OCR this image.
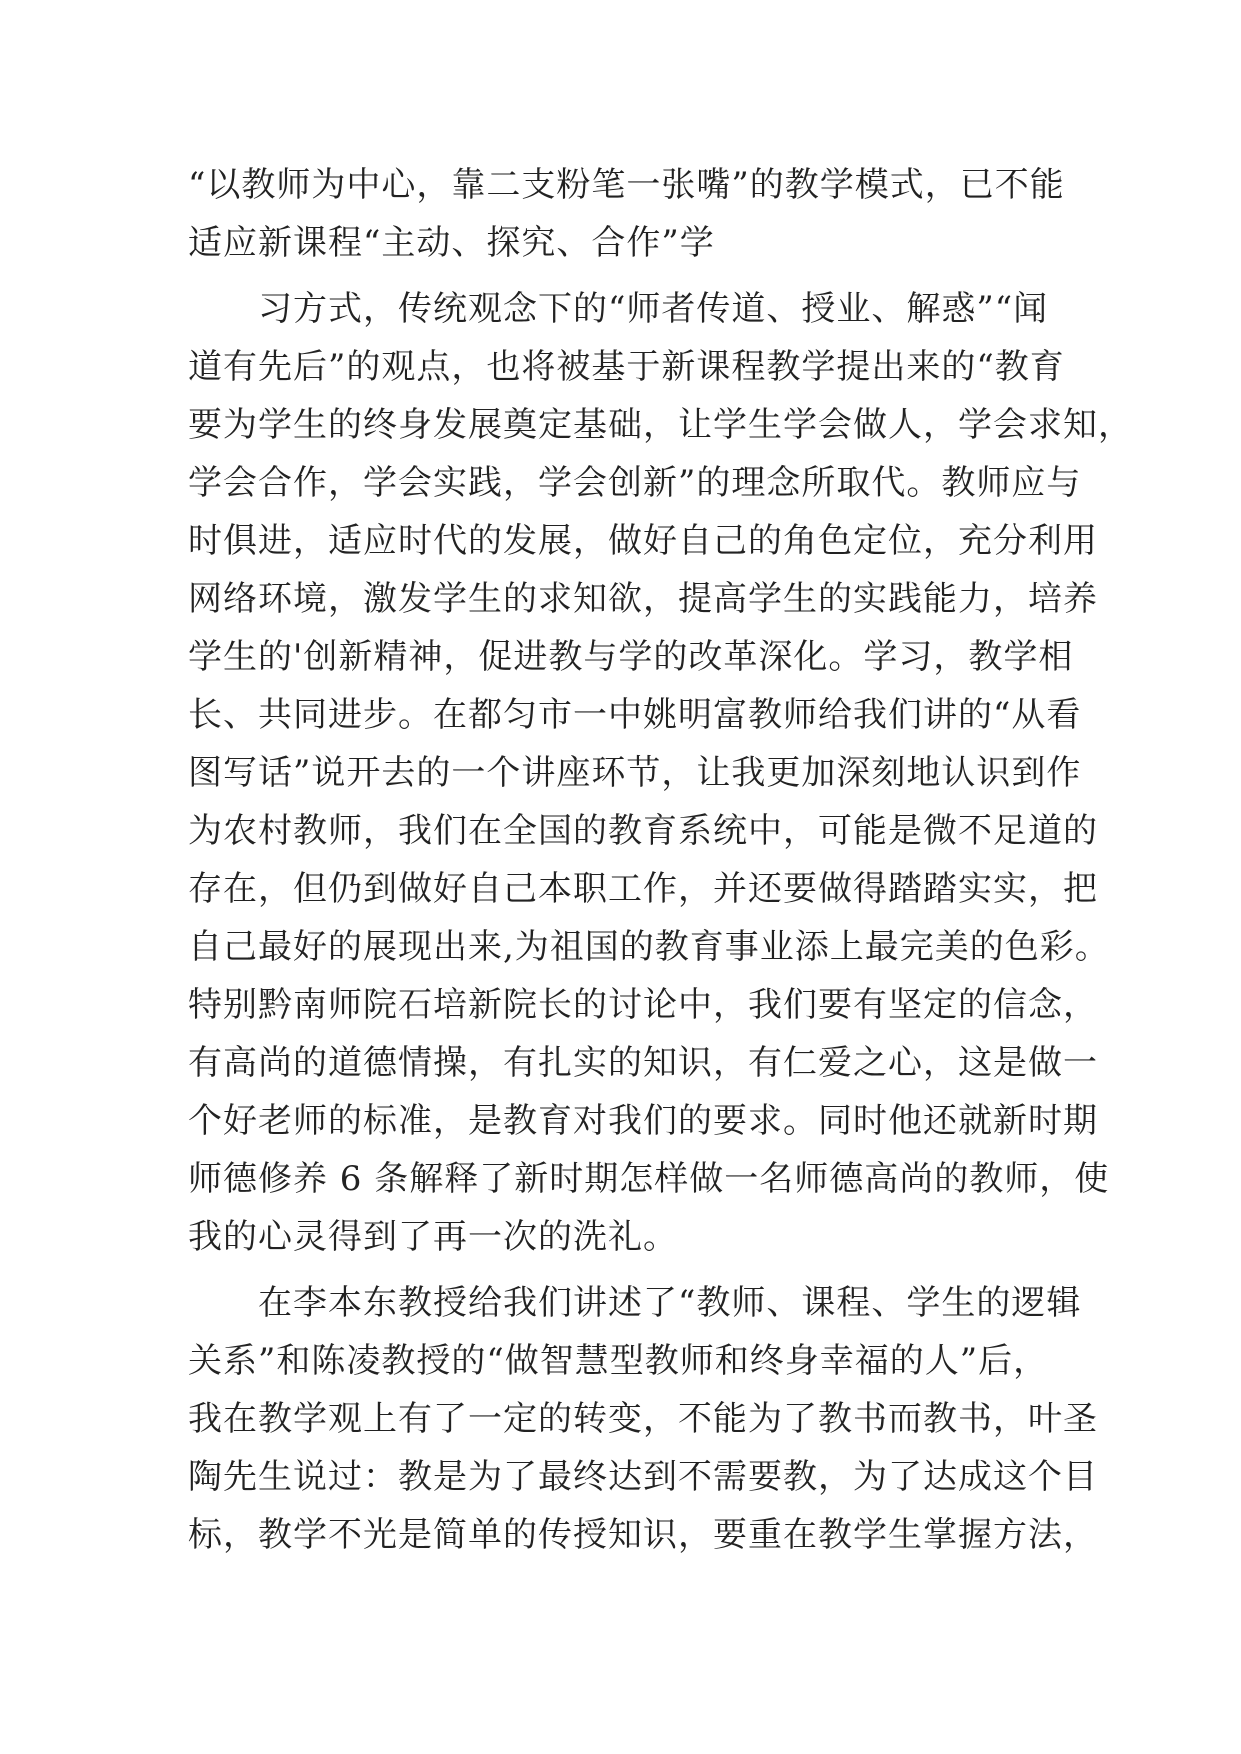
“以教师为中心，靠二支粉笔一张嘴”的教学模式，已不能
适应新课程“主动、探究、合作”学
　　习方式，传统观念下的“师者传道、授业、解惑”“闻
道有先后”的观点，也将被基于新课程教学提出来的“教育
要为学生的终身发展奠定基础，让学生学会做人，学会求知，
学会合作，学会实践，学会创新”的理念所取代。教师应与
时俱进，适应时代的发展，做好自己的角色定位，充分利用
网络环境，激发学生的求知欲，提高学生的实践能力，培养
学生的'创新精神，促进教与学的改革深化。学习，教学相
长、共同进步。在都匀市一中姚明富教师给我们讲的“从看
图写话”说开去的一个讲座环节，让我更加深刻地认识到作
为农村教师，我们在全国的教育系统中，可能是微不足道的
存在，但仍到做好自己本职工作，并还要做得踏踏实实，把
自己最好的展现出来,为祖国的教育事业添上最完美的色彩。
特别黔南师院石培新院长的讨论中，我们要有坚定的信念，
有高尚的道德情操，有扎实的知识，有仁爱之心，这是做一
个好老师的标准，是教育对我们的要求。同时他还就新时期
师德修养 6 条解释了新时期怎样做一名师德高尚的教师，使
我的心灵得到了再一次的洗礼。
　　在李本东教授给我们讲述了“教师、课程、学生的逻辑
关系”和陈凌教授的“做智慧型教师和终身幸福的人”后，
我在教学观上有了一定的转变，不能为了教书而教书，叶圣
陶先生说过：教是为了最终达到不需要教，为了达成这个目
标，教学不光是简单的传授知识，要重在教学生掌握方法，
